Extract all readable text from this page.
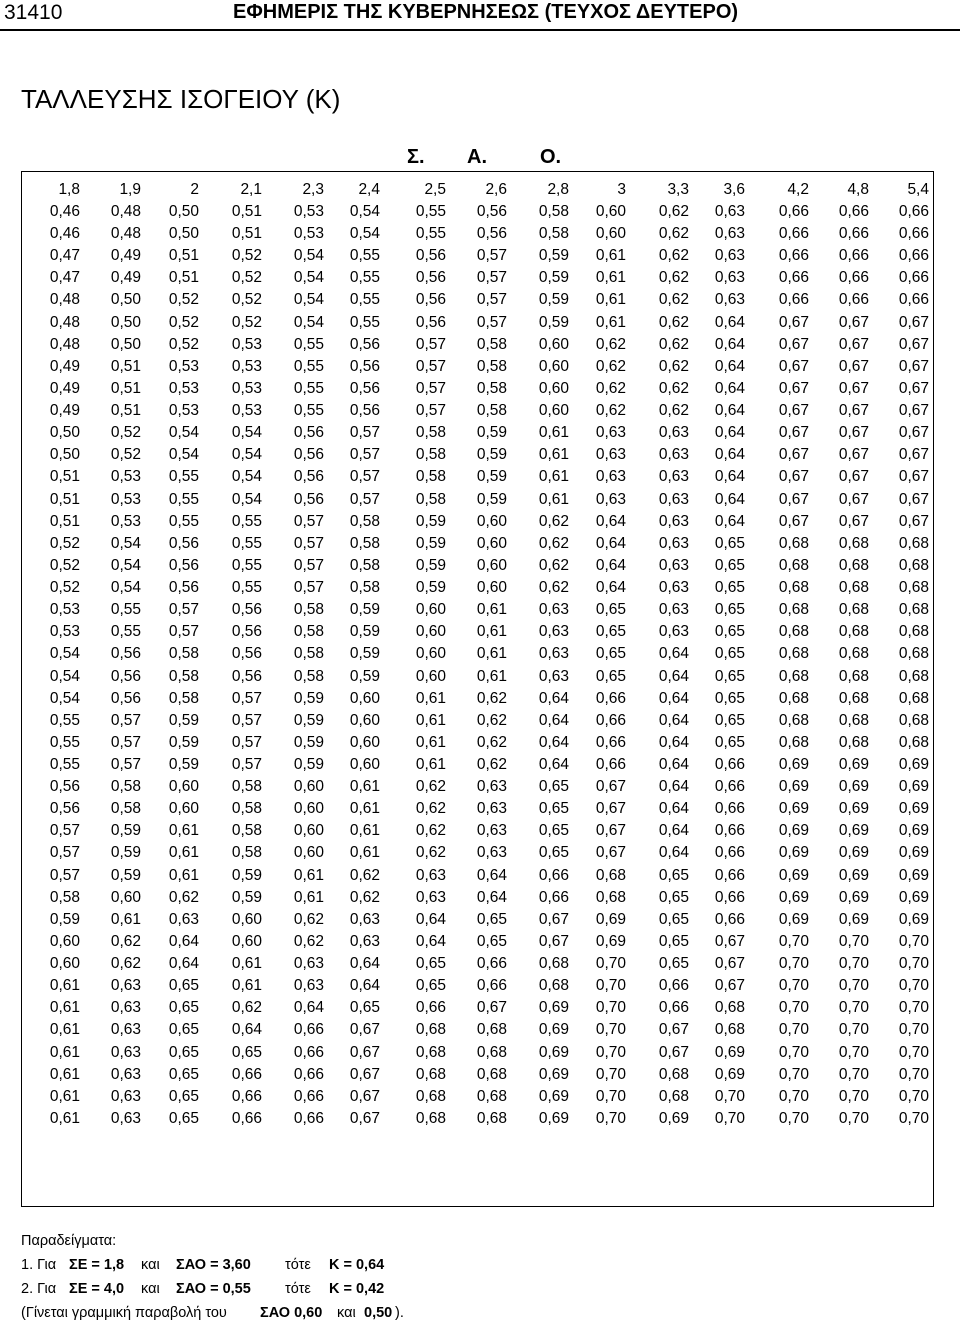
31410	ΕΦΗΜΕΡΙΣ ΤΗΣ ΚΥΒΕΡΝΗΣΕΩΣ (ΤΕΥΧΟΣ ΔΕΥΤΕΡΟ)
ΤΑΛΛΕΥΣΗΣ ΙΣΟΓΕΙΟΥ (Κ)
Σ. Α.	Ο.
1,8	1,9	2	2,1	2,3	2,4	2,5	2,6	2,8	3	3,3	3,6	4,2	4,8	5,4
0,46	0,48	0,50	0,51	0,53	0,54	0,55	0,56	0,58	0,60	0,62	0,63	0,66	0,66	0,66
0,46	0,48	0,50	0,51	0,53	0,54	0,55	0,56	0,58	0,60	0,62	0,63	0,66	0,66	0,66
0,47	0,49	0,51	0,52	0,54	0,55	0,56	0,57	0,59	0,61	0,62	0,63	0,66	0,66	0,66
0,47	0,49	0,51	0,52	0,54	0,55	0,56	0,57	0,59	0,61	0,62	0,63	0,66	0,66	0,66
0,48	0,50	0,52	0,52	0,54	0,55	0,56	0,57	0,59	0,61	0,62	0,63	0,66	0,66	0,66
0,48	0,50	0,52	0,52	0,54	0,55	0,56	0,57	0,59	0,61	0,62	0,64	0,67	0,67	0,67
0,48	0,50	0,52	0,53	0,55	0,56	0,57	0,58	0,60	0,62	0,62	0,64	0,67	0,67	0,67
0,49	0,51	0,53	0,53	0,55	0,56	0,57	0,58	0,60	0,62	0,62	0,64	0,67	0,67	0,67
0,49	0,51	0,53	0,53	0,55	0,56	0,57	0,58	0,60	0,62	0,62	0,64	0,67	0,67	0,67
0,49	0,51	0,53	0,53	0,55	0,56	0,57	0,58	0,60	0,62	0,62	0,64	0,67	0,67	0,67
0,50	0,52	0,54	0,54	0,56	0,57	0,58	0,59	0,61	0,63	0,63	0,64	0,67	0,67	0,67
0,50	0,52	0,54	0,54	0,56	0,57	0,58	0,59	0,61	0,63	0,63	0,64	0,67	0,67	0,67
0,51	0,53	0,55	0,54	0,56	0,57	0,58	0,59	0,61	0,63	0,63	0,64	0,67	0,67	0,67
0,51	0,53	0,55	0,54	0,56	0,57	0,58	0,59	0,61	0,63	0,63	0,64	0,67	0,67	0,67
0,51	0,53	0,55	0,55	0,57	0,58	0,59	0,60	0,62	0,64	0,63	0,64	0,67	0,67	0,67
0,52	0,54	0,56	0,55	0,57	0,58	0,59	0,60	0,62	0,64	0,63	0,65	0,68	0,68	0,68
0,52	0,54	0,56	0,55	0,57	0,58	0,59	0,60	0,62	0,64	0,63	0,65	0,68	0,68	0,68
0,52	0,54	0,56	0,55	0,57	0,58	0,59	0,60	0,62	0,64	0,63	0,65	0,68	0,68	0,68
0,53	0,55	0,57	0,56	0,58	0,59	0,60	0,61	0,63	0,65	0,63	0,65	0,68	0,68	0,68
0,53	0,55	0,57	0,56	0,58	0,59	0,60	0,61	0,63	0,65	0,63	0,65	0,68	0,68	0,68
0,54	0,56	0,58	0,56	0,58	0,59	0,60	0,61	0,63	0,65	0,64	0,65	0,68	0,68	0,68
0,54	0,56	0,58	0,56	0,58	0,59	0,60	0,61	0,63	0,65	0,64	0,65	0,68	0,68	0,68
0,54	0,56	0,58	0,57	0,59	0,60	0,61	0,62	0,64	0,66	0,64	0,65	0,68	0,68	0,68
0,55	0,57	0,59	0,57	0,59	0,60	0,61	0,62	0,64	0,66	0,64	0,65	0,68	0,68	0,68
0,55	0,57	0,59	0,57	0,59	0,60	0,61	0,62	0,64	0,66	0,64	0,65	0,68	0,68	0,68
0,55	0,57	0,59	0,57	0,59	0,60	0,61	0,62	0,64	0,66	0,64	0,66	0,69	0,69	0,69
0,56	0,58	0,60	0,58	0,60	0,61	0,62	0,63	0,65	0,67	0,64	0,66	0,69	0,69	0,69
0,56	0,58	0,60	0,58	0,60	0,61	0,62	0,63	0,65	0,67	0,64	0,66	0,69	0,69	0,69
0,57	0,59	0,61	0,58	0,60	0,61	0,62	0,63	0,65	0,67	0,64	0,66	0,69	0,69	0,69
0,57	0,59	0,61	0,58	0,60	0,61	0,62	0,63	0,65	0,67	0,64	0,66	0,69	0,69	0,69
0,57	0,59	0,61	0,59	0,61	0,62	0,63	0,64	0,66	0,68	0,65	0,66	0,69	0,69	0,69
0,58	0,60	0,62	0,59	0,61	0,62	0,63	0,64	0,66	0,68	0,65	0,66	0,69	0,69	0,69
0,59	0,61	0,63	0,60	0,62	0,63	0,64	0,65	0,67	0,69	0,65	0,66	0,69	0,69	0,69
0,60	0,62	0,64	0,60	0,62	0,63	0,64	0,65	0,67	0,69	0,65	0,67	0,70	0,70	0,70
0,60	0,62	0,64	0,61	0,63	0,64	0,65	0,66	0,68	0,70	0,65	0,67	0,70	0,70	0,70
0,61	0,63	0,65	0,61	0,63	0,64	0,65	0,66	0,68	0,70	0,66	0,67	0,70	0,70	0,70
0,61	0,63	0,65	0,62	0,64	0,65	0,66	0,67	0,69	0,70	0,66	0,68	0,70	0,70	0,70
0,61	0,63	0,65	0,64	0,66	0,67	0,68	0,68	0,69	0,70	0,67	0,68	0,70	0,70	0,70
0,61	0,63	0,65	0,65	0,66	0,67	0,68	0,68	0,69	0,70	0,67	0,69	0,70	0,70	0,70
0,61	0,63	0,65	0,66	0,66	0,67	0,68	0,68	0,69	0,70	0,68	0,69	0,70	0,70	0,70
0,61	0,63	0,65	0,66	0,66	0,67	0,68	0,68	0,69	0,70	0,68	0,70	0,70	0,70	0,70
0,61	0,63	0,65	0,66	0,66	0,67	0,68	0,68	0,69	0,70	0,69	0,70	0,70	0,70	0,70
Παραδείγματα:
1. Για ΣΕ = 1,8 και ΣΑΟ = 3,60 τότε Κ = 0,64
2. Για ΣΕ = 4,0 και ΣΑΟ = 0,55 τότε Κ = 0,42
(Γίνεται γραμμική παραβολή του ΣΑΟ 0,60 και 0,50 ).
